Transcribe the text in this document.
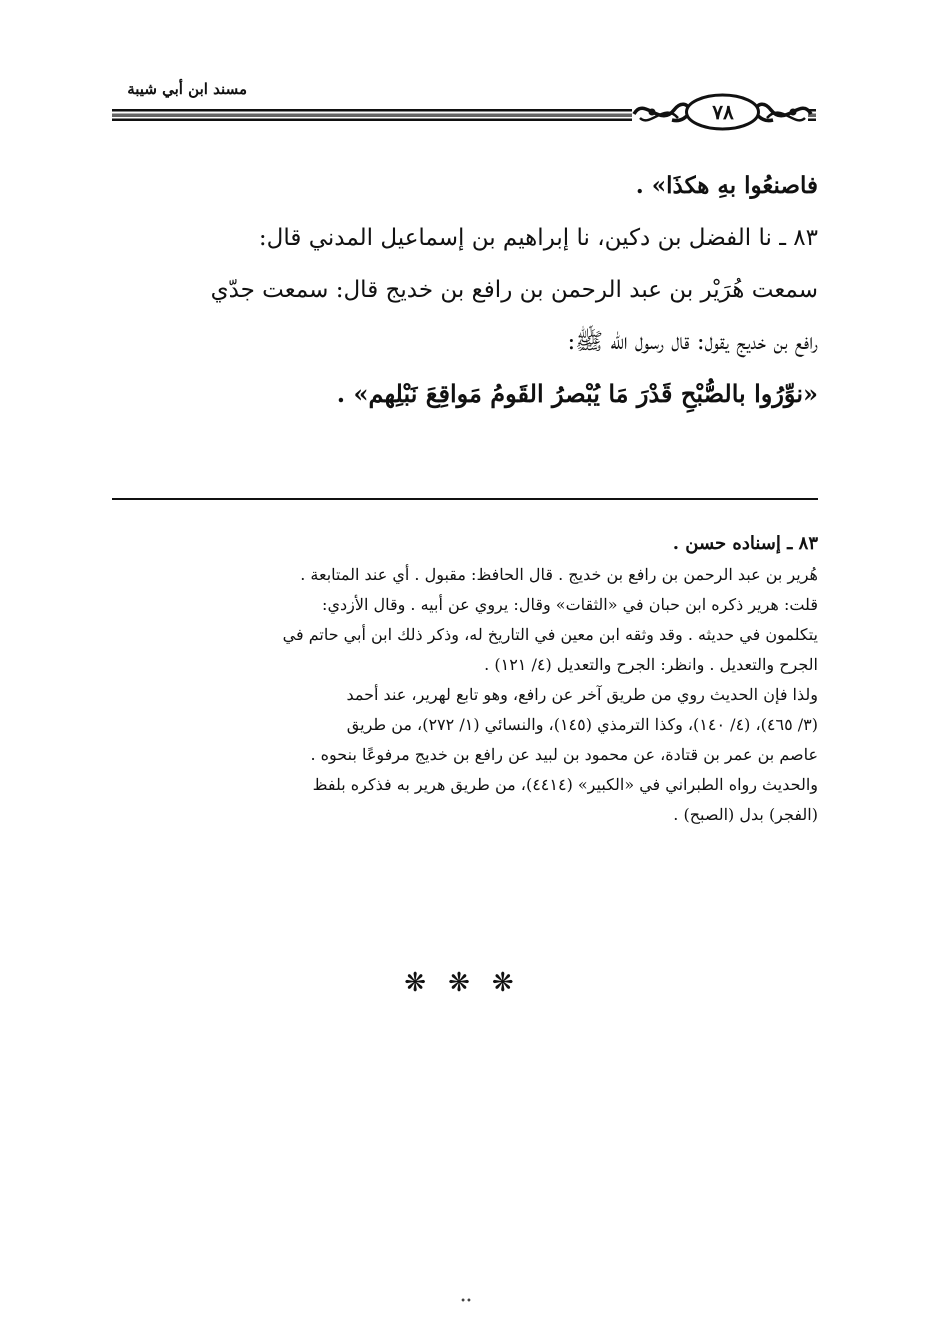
مسند ابن أبي شيبة
٧٨

فاصنعُوا بهِ هكذَا» .

٨٣ ـ نا الفضل بن دكين، نا إبراهيم بن إسماعيل المدني قال:

سمعت هُرَيْر بن عبد الرحمن بن رافع بن خديج قال: سمعت جدّي

رافع بن خديج يقول: قال رسول الله ﷺ:

«نوِّرُوا بالصُّبْحِ قَدْرَ مَا يُبْصرُ القَومُ مَواقِعَ نَبْلِهم» .

٨٣ ـ إسناده حسن .

هُرير بن عبد الرحمن بن رافع بن خديج . قال الحافظ: مقبول . أي عند المتابعة .

قلت: هرير ذكره ابن حبان في «الثقات» وقال: يروي عن أبيه . وقال الأزدي:

يتكلمون في حديثه . وقد وثقه ابن معين في التاريخ له، وذكر ذلك ابن أبي حاتم في

الجرح والتعديل . وانظر: الجرح والتعديل (٤/ ١٢١) .

ولذا فإن الحديث روي من طريق آخر عن رافع، وهو تابع لهرير، عند أحمد

(٣/ ٤٦٥)، (٤/ ١٤٠)، وكذا الترمذي (١٤٥)، والنسائي (١/ ٢٧٢)، من طريق

عاصم بن عمر بن قتادة، عن محمود بن لبيد عن رافع بن خديج مرفوعًا بنحوه .

والحديث رواه الطبراني في «الكبير» (٤٤١٤)، من طريق هرير به فذكره بلفظ

(الفجر) بدل (الصبح) .

❋❋❋
••
